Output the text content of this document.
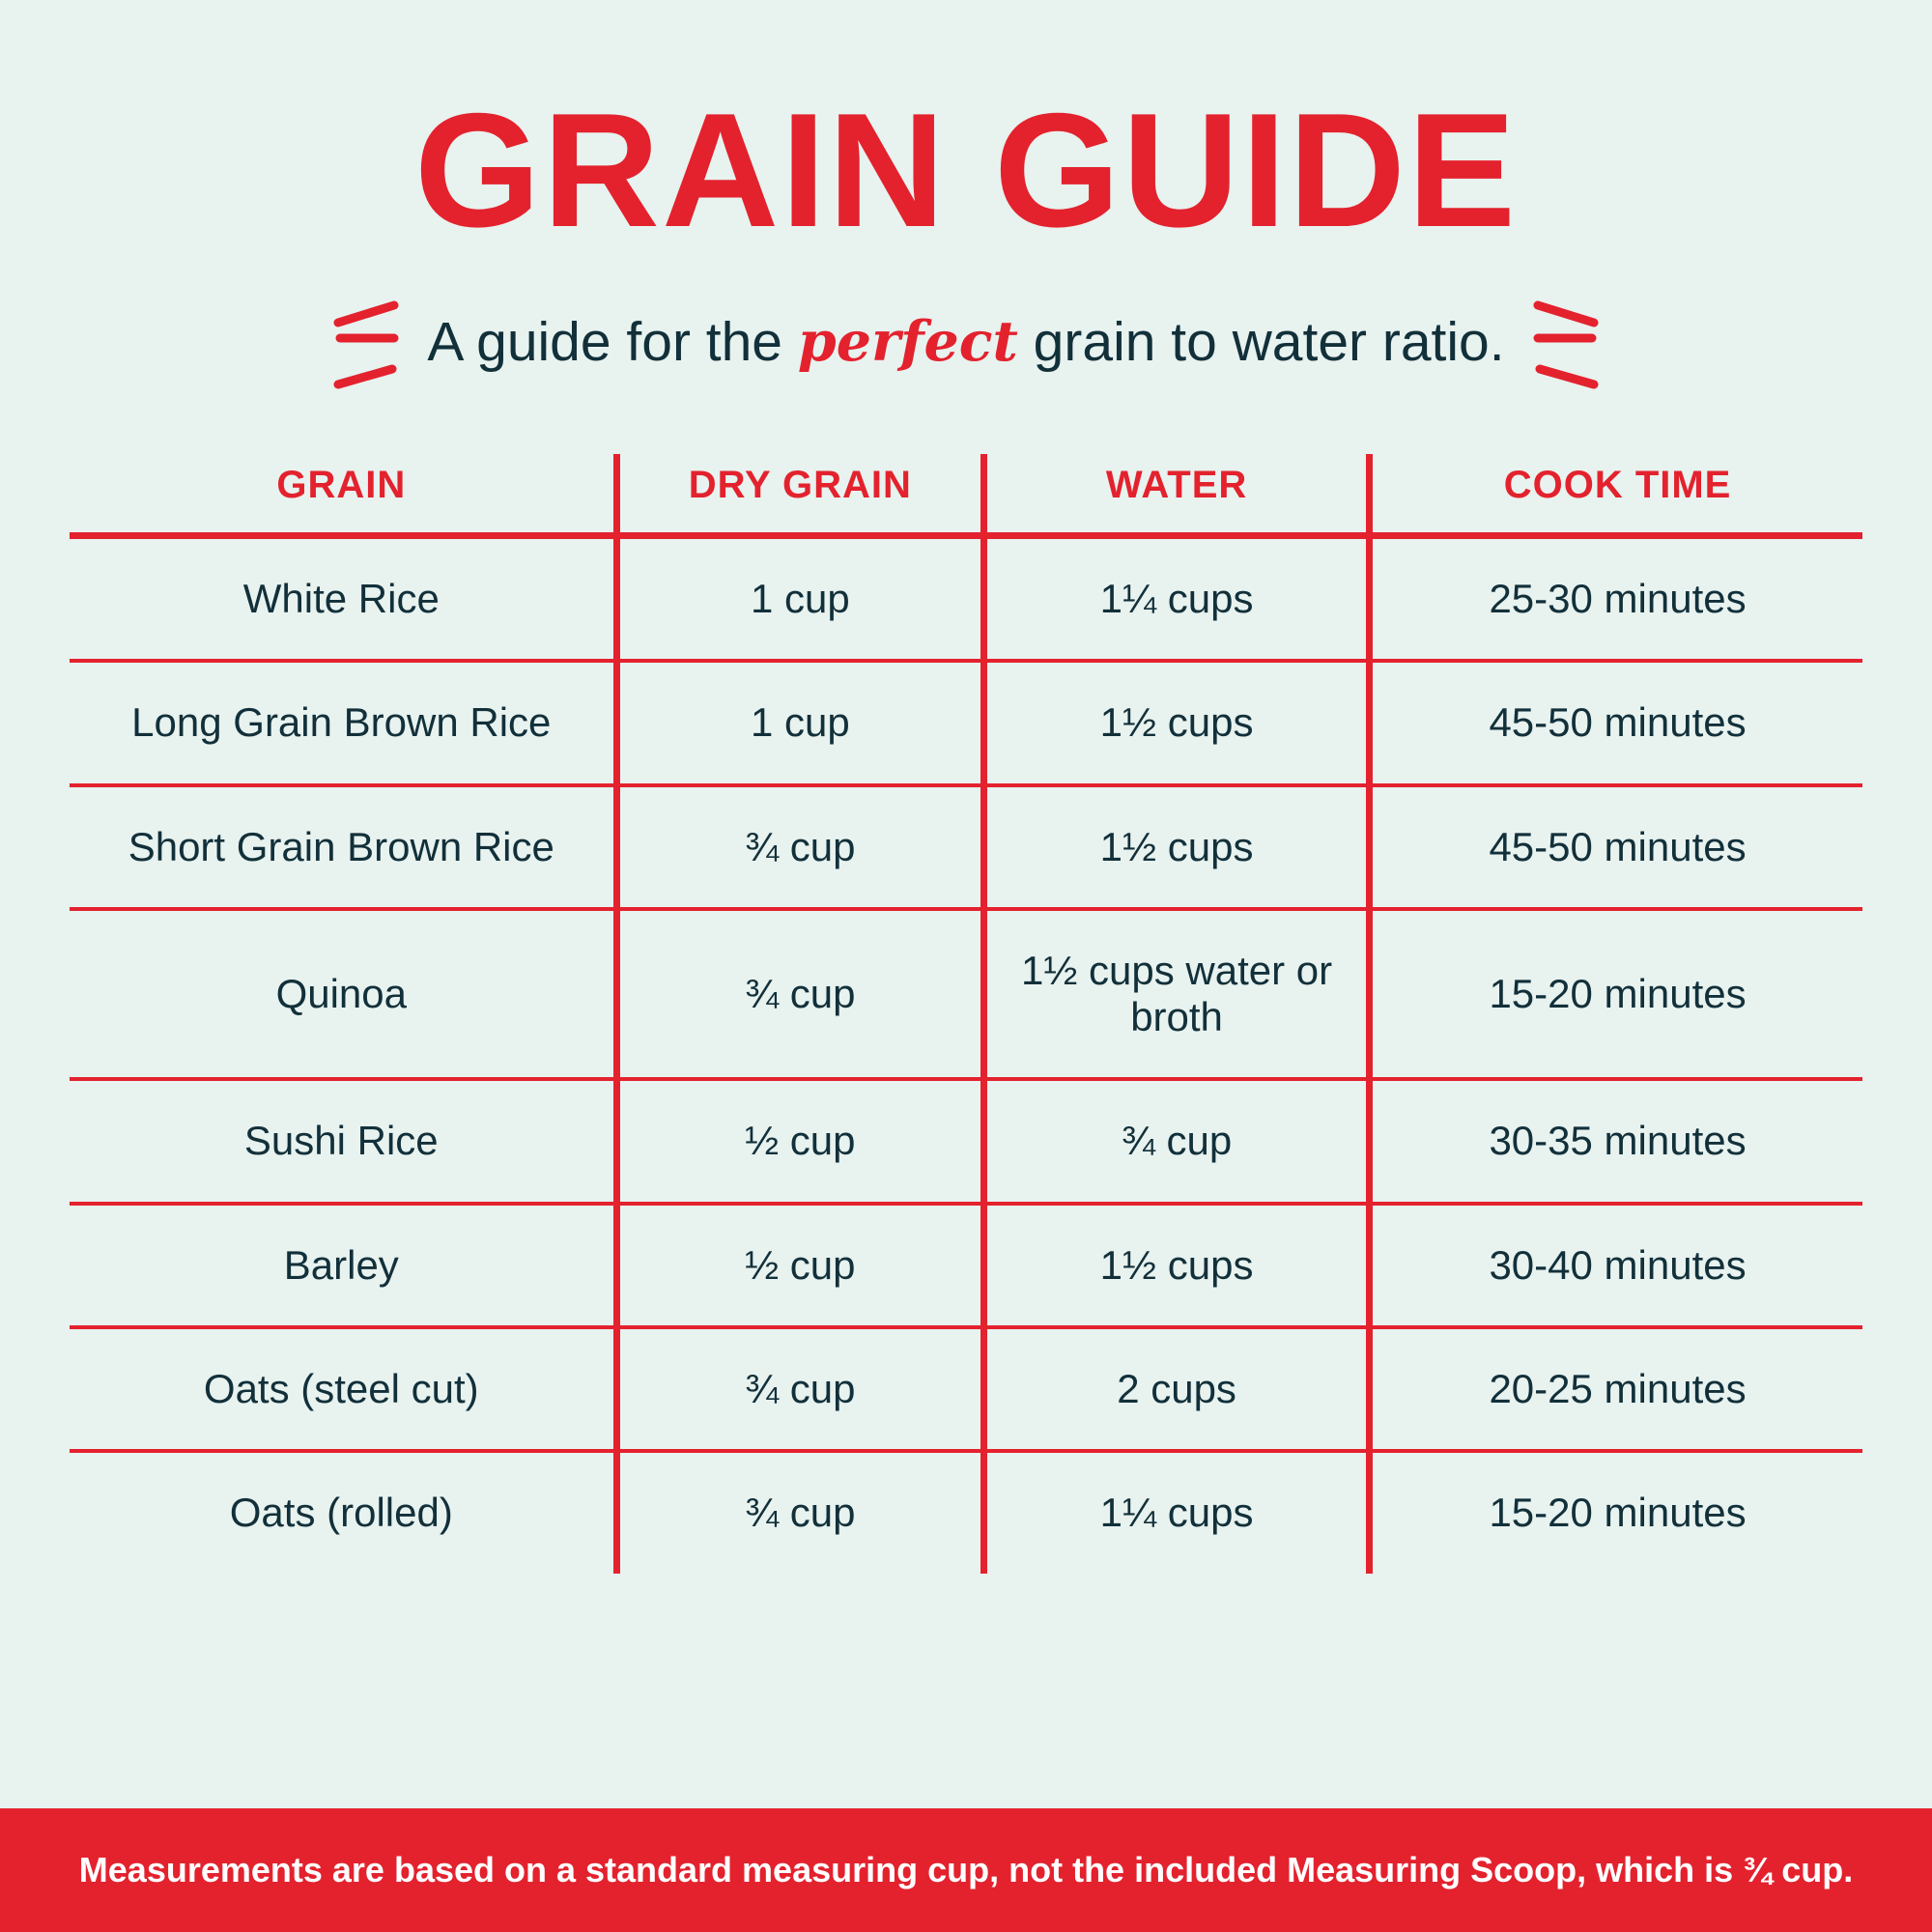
GRAIN GUIDE
A guide for the perfect grain to water ratio.
GRAIN	DRY GRAIN	WATER	COOK TIME
White Rice	1 cup	1¼ cups	25-30 minutes
Long Grain Brown Rice	1 cup	1½ cups	45-50 minutes
Short Grain Brown Rice	¾ cup	1½ cups	45-50 minutes
Quinoa	¾ cup	1½ cups water or broth	15-20 minutes
Sushi Rice	½ cup	¾ cup	30-35 minutes
Barley	½ cup	1½ cups	30-40 minutes
Oats (steel cut)	¾ cup	2 cups	20-25 minutes
Oats (rolled)	¾ cup	1¼ cups	15-20 minutes
Measurements are based on a standard measuring cup, not the included Measuring Scoop, which is ¾ cup.
